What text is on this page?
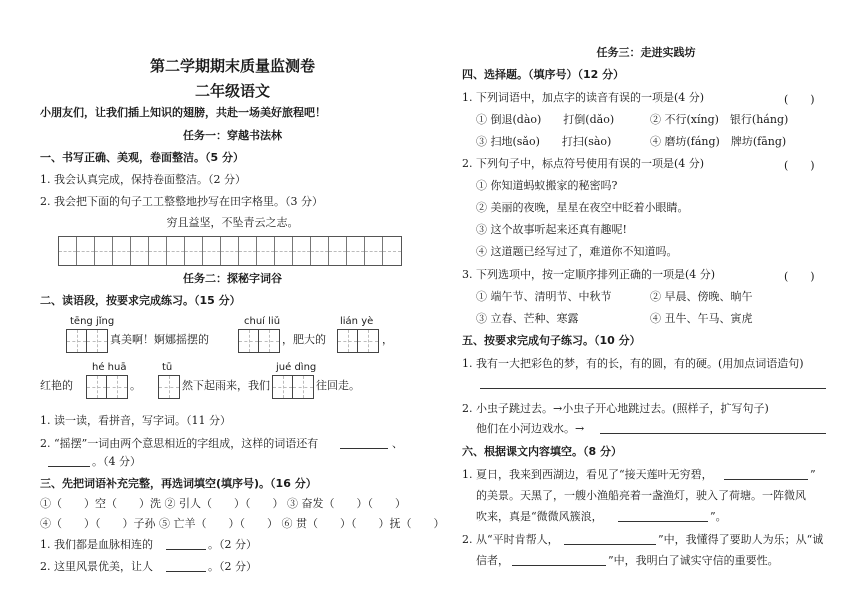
第二学期期末质量监测卷
二年级语文
小朋友们，让我们插上知识的翅膀，共赴一场美好旅程吧！
任务一：穿越书法林
一、书写正确、美观，卷面整洁。（5 分）
1. 我会认真完成，保持卷面整洁。（2 分）
2. 我会把下面的句子工工整整地抄写在田字格里。（3 分）
穷且益坚，不坠青云之志。
任务二：探秘字词谷
二、读语段，按要求完成练习。（15 分）
tēng jǐng	chuí liǔ	lián yè
真美啊！婀娜摇摆的	，肥大的	，
hé huā	tū	jué dìng
红艳的	。	然下起雨来，我们	往回走。
1. 读一读，看拼音，写字词。（11 分）
2. “摇摆”一词由两个意思相近的字组成，这样的词语还有	、
。（4 分）
三、先把词语补充完整，再选词填空(填序号)。（16 分）
①（　　）空（　　）洗 ② 引人（　　）（　　） ③ 奋发（　　）（　　）
④（　　）（　　）子孙 ⑤ 亡羊（　　）（　　） ⑥ 贯（　　）（　　）抚（　　）
1. 我们都是血脉相连的	。（2 分）
2. 这里风景优美，让人	。（2 分）
任务三：走进实践坊
四、选择题。（填序号）（12 分）
1. 下列词语中，加点字的读音有误的一项是(4 分)	(　　)
① 倒退(dào)　　打倒(dǎo)	② 不行(xíng)　银行(háng)
③ 扫地(sǎo)　　打扫(sào)	④ 磨坊(fáng)　牌坊(fāng)
2. 下列句子中，标点符号使用有误的一项是(4 分)	(　　)
① 你知道蚂蚁搬家的秘密吗?
② 美丽的夜晚，星星在夜空中眨着小眼睛。
③ 这个故事听起来还真有趣呢!
④ 这道题已经写过了，难道你不知道吗。
3. 下列选项中，按一定顺序排列正确的一项是(4 分)	(　　)
① 端午节、清明节、中秋节	② 早晨、傍晚、晌午
③ 立春、芒种、寒露	④ 丑牛、午马、寅虎
五、按要求完成句子练习。（10 分）
1. 我有一大把彩色的梦，有的长，有的圆，有的硬。(用加点词语造句)
2. 小虫子跳过去。→小虫子开心地跳过去。(照样子，扩写句子)
他们在小河边戏水。→
六、根据课文内容填空。（8 分）
1. 夏日，我来到西湖边，看见了“接天莲叶无穷碧，	”
的美景。天黑了，一艘小渔船亮着一盏渔灯，驶入了荷塘。一阵微风
吹来，真是“微微风簇浪，	”。
2. 从“平时肯帮人，	”中，我懂得了要助人为乐；从“诚
信者，	”中，我明白了诚实守信的重要性。
